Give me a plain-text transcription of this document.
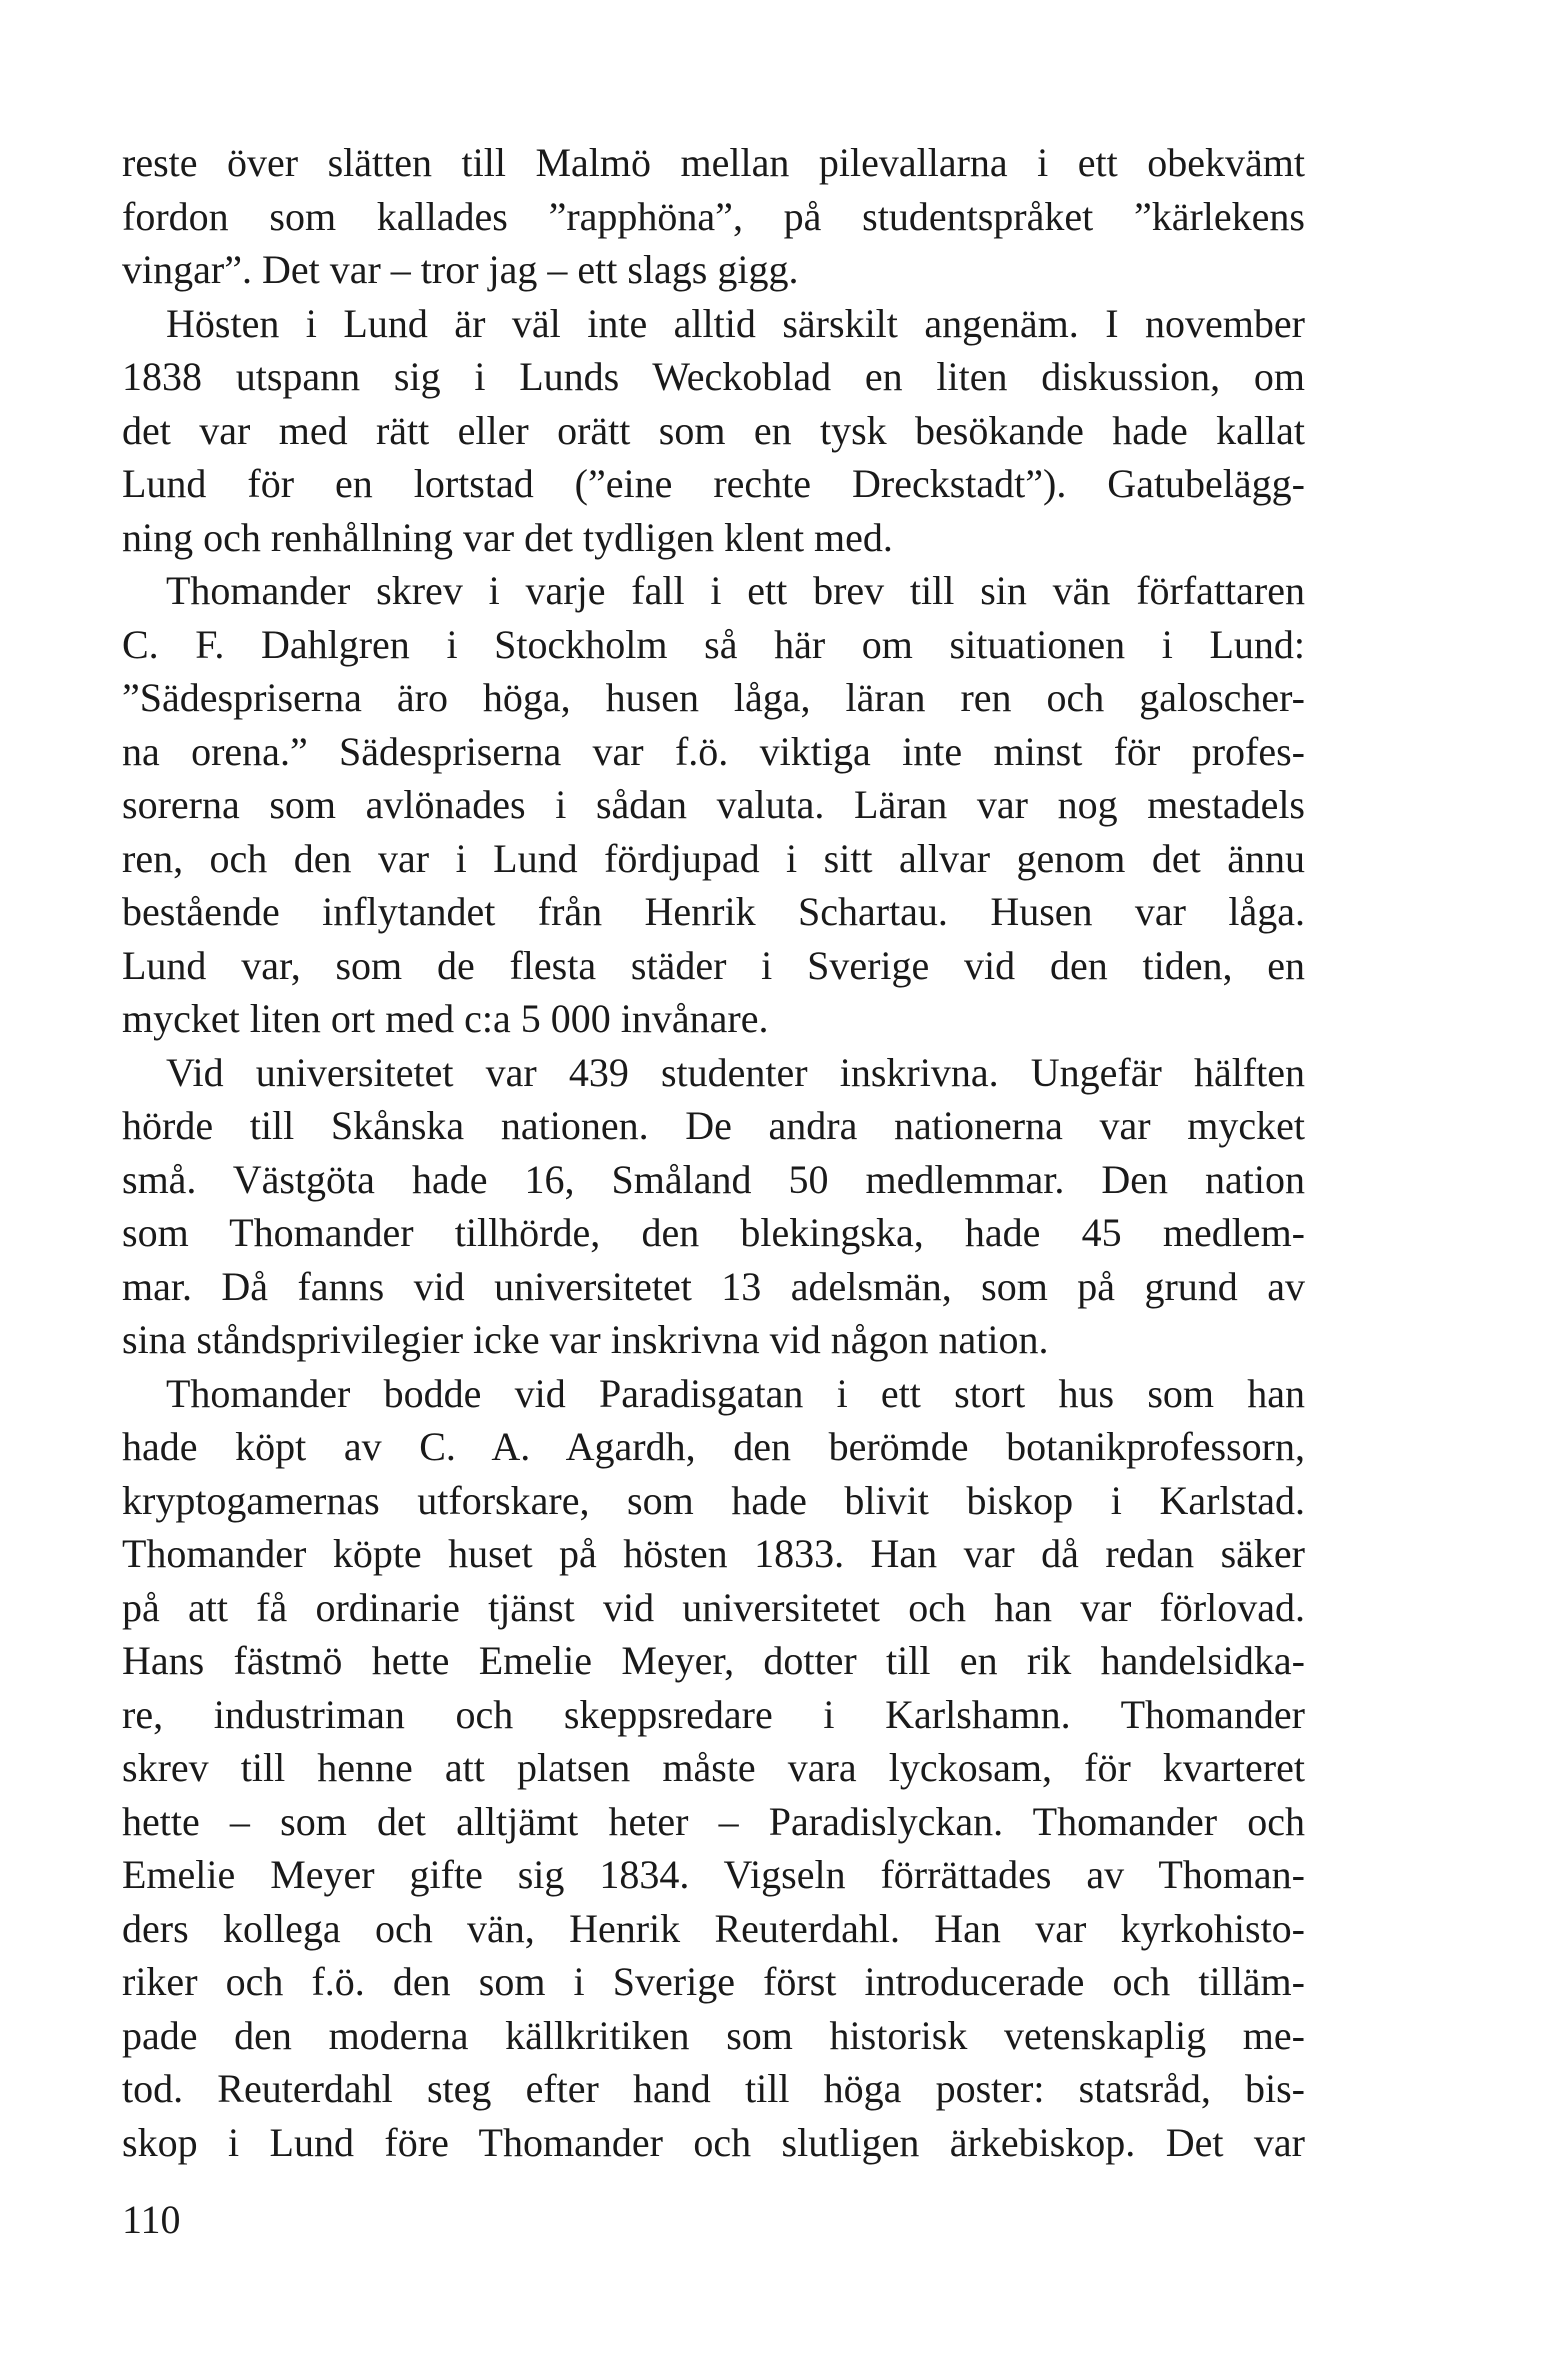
reste över slätten till Malmö mellan pilevallarna i ett obekvämt
fordon som kallades ”rapphöna”, på studentspråket ”kärlekens
vingar”. Det var – tror jag – ett slags gigg.
Hösten i Lund är väl inte alltid särskilt angenäm. I november
1838 utspann sig i Lunds Weckoblad en liten diskussion, om
det var med rätt eller orätt som en tysk besökande hade kallat
Lund för en lortstad (”eine rechte Dreckstadt”). Gatubelägg-
ning och renhållning var det tydligen klent med.
Thomander skrev i varje fall i ett brev till sin vän författaren
C. F. Dahlgren i Stockholm så här om situationen i Lund:
”Sädespriserna äro höga, husen låga, läran ren och galoscher-
na orena.” Sädespriserna var f.ö. viktiga inte minst för profes-
sorerna som avlönades i sådan valuta. Läran var nog mestadels
ren, och den var i Lund fördjupad i sitt allvar genom det ännu
bestående inflytandet från Henrik Schartau. Husen var låga.
Lund var, som de flesta städer i Sverige vid den tiden, en
mycket liten ort med c:a 5 000 invånare.
Vid universitetet var 439 studenter inskrivna. Ungefär hälften
hörde till Skånska nationen. De andra nationerna var mycket
små. Västgöta hade 16, Småland 50 medlemmar. Den nation
som Thomander tillhörde, den blekingska, hade 45 medlem-
mar. Då fanns vid universitetet 13 adelsmän, som på grund av
sina ståndsprivilegier icke var inskrivna vid någon nation.
Thomander bodde vid Paradisgatan i ett stort hus som han
hade köpt av C. A. Agardh, den berömde botanikprofessorn,
kryptogamernas utforskare, som hade blivit biskop i Karlstad.
Thomander köpte huset på hösten 1833. Han var då redan säker
på att få ordinarie tjänst vid universitetet och han var förlovad.
Hans fästmö hette Emelie Meyer, dotter till en rik handelsidka-
re, industriman och skeppsredare i Karlshamn. Thomander
skrev till henne att platsen måste vara lyckosam, för kvarteret
hette – som det alltjämt heter – Paradislyckan. Thomander och
Emelie Meyer gifte sig 1834. Vigseln förrättades av Thoman-
ders kollega och vän, Henrik Reuterdahl. Han var kyrkohisto-
riker och f.ö. den som i Sverige först introducerade och tilläm-
pade den moderna källkritiken som historisk vetenskaplig me-
tod. Reuterdahl steg efter hand till höga poster: statsråd, bis-
skop i Lund före Thomander och slutligen ärkebiskop. Det var
110
